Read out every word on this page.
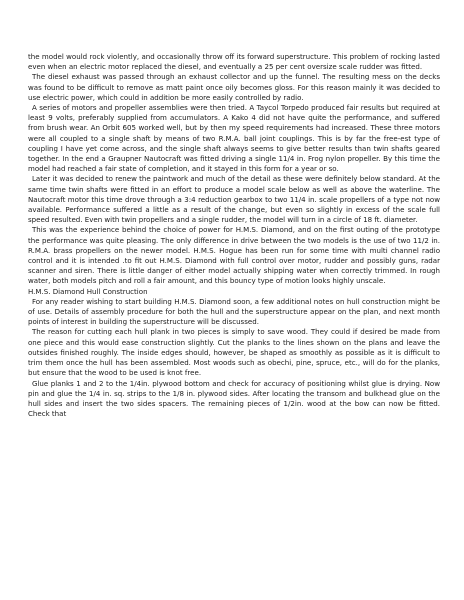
the model would rock violently, and occasionally throw off its forward superstructure. This problem of rocking lasted even when an electric motor replaced the diesel, and eventually a 25 per cent oversize scale rudder was fitted.

The diesel exhaust was passed through an exhaust collector and up the funnel. The resulting mess on the decks was found to be difficult to remove as matt paint once oily becomes gloss. For this reason mainly it was decided to use electric power, which could in addition be more easily controlled by radio.

A series of motors and propeller assemblies were then tried. A Taycol Torpedo produced fair results but required at least 9 volts, preferably supplied from accumulators. A Kako 4 did not have quite the performance, and suffered from brush wear. An Orbit 605 worked well, but by then my speed requirements had increased. These three motors were all coupled to a single shaft by means of two R.M.A. ball joint couplings. This is by far the free-est type of coupling I have yet come across, and the single shaft always seems to give better results than twin shafts geared together. In the end a Graupner Nautocraft was fitted driving a single 11/4 in. Frog nylon propeller. By this time the model had reached a fair state of completion, and it stayed in this form for a year or so.

Later it was decided to renew the paintwork and much of the detail as these were definitely below standard. At the same time twin shafts were fitted in an effort to produce a model scale below as well as above the waterline. The Nautocraft motor this time drove through a 3:4 reduction gearbox to two 11/4 in. scale propellers of a type not now available. Performance suffered a little as a result of the change, but even so slightly in excess of the scale full speed resulted. Even with twin propellers and a single rudder, the model will turn in a circle of 18 ft. diameter.

This was the experience behind the choice of power for H.M.S. Diamond, and on the first outing of the prototype the performance was quite pleasing. The only difference in drive between the two models is the use of two 11/2 in. R.M.A. brass propellers on the newer model. H.M.S. Hogue has been run for some time with multi channel radio control and it is intended .to fit out H.M.S. Diamond with full control over motor, rudder and possibly guns, radar scanner and siren. There is little danger of either model actually shipping water when correctly trimmed. In rough water, both models pitch and roll a fair amount, and this bouncy type of motion looks highly unscale.

H.M.S. Diamond Hull Construction

For any reader wishing to start building H.M.S. Diamond soon, a few additional notes on hull construction might be of use. Details of assembly procedure for both the hull and the superstructure appear on the plan, and next month points of interest in building the superstructure will be discussed.

The reason for cutting each hull plank in two pieces is simply to save wood. They could if desired be made from one piece and this would ease construction slightly. Cut the planks to the lines shown on the plans and leave the outsides finished roughly. The inside edges should, however, be shaped as smoothly as possible as it is difficult to trim them once the hull has been assembled. Most woods such as obechi, pine, spruce, etc., will do for the planks, but ensure that the wood to be used is knot free.

Glue planks 1 and 2 to the 1/4in. plywood bottom and check for accuracy of positioning whilst glue is drying. Now pin and glue the 1/4 in. sq. strips to the 1/8 in. plywood sides. After locating the transom and bulkhead glue on the hull sides and insert the two sides spacers. The remaining pieces of 1/2in. wood at the bow can now be fitted. Check that
